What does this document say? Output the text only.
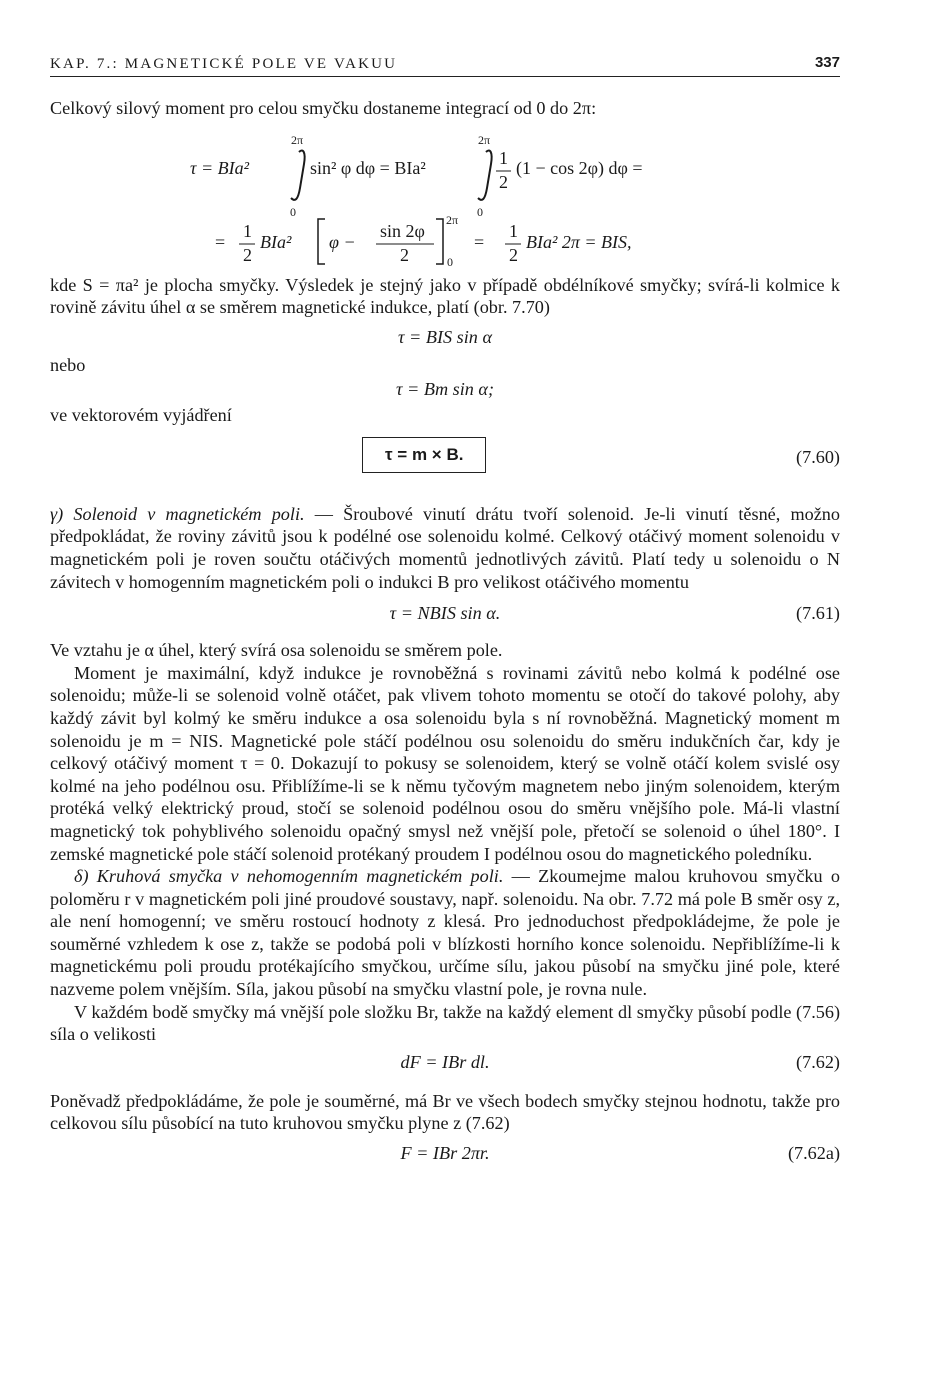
KAP. 7.: MAGNETICKÉ POLE VE VAKUU	337

Celkový silový moment pro celou smyčku dostaneme integrací od 0 do 2π:

2π
τ = BIa²
0
sin² φ dφ = BIa²
2π
0
1
2
(1 − cos 2φ) dφ =
=
1
2
BIa² φ −
sin 2φ
2
2π
0
=
1
2
BIa² 2π = BIS,

kde S = πa² je plocha smyčky. Výsledek je stejný jako v případě obdélníkové smyčky; svírá-li kolmice k rovině závitu úhel α se směrem magnetické indukce, platí (obr. 7.70)

τ = BIS sin α
nebo
τ = Bm sin α;
ve vektorovém vyjádření
τ = m × B.	(7.60)

γ) Solenoid v magnetickém poli. — Šroubové vinutí drátu tvoří solenoid. Je-li vinutí těsné, možno předpokládat, že roviny závitů jsou k podélné ose solenoidu kolmé. Celkový otáčivý moment solenoidu v magnetickém poli je roven součtu otáčivých momentů jednotlivých závitů. Platí tedy u solenoidu o N závitech v homogenním magnetickém poli o indukci B pro velikost otáčivého momentu

τ = NBIS sin α.	(7.61)

Ve vztahu je α úhel, který svírá osa solenoidu se směrem pole.

Moment je maximální, když indukce je rovnoběžná s rovinami závitů nebo kolmá k podélné ose solenoidu; může-li se solenoid volně otáčet, pak vlivem tohoto momentu se otočí do takové polohy, aby každý závit byl kolmý ke směru indukce a osa solenoidu byla s ní rovnoběžná. Magnetický moment m solenoidu je m = NIS. Magnetické pole stáčí podélnou osu solenoidu do směru indukčních čar, kdy je celkový otáčivý moment τ = 0. Dokazují to pokusy se solenoidem, který se volně otáčí kolem svislé osy kolmé na jeho podélnou osu. Přiblížíme-li se k němu tyčovým magnetem nebo jiným solenoidem, kterým protéká velký elektrický proud, stočí se solenoid podélnou osou do směru vnějšího pole. Má-li vlastní magnetický tok pohyblivého solenoidu opačný smysl než vnější pole, přetočí se solenoid o úhel 180°. I zemské magnetické pole stáčí solenoid protékaný proudem I podélnou osou do magnetického poledníku.

δ) Kruhová smyčka v nehomogenním magnetickém poli. — Zkoumejme malou kruhovou smyčku o poloměru r v magnetickém poli jiné proudové soustavy, např. solenoidu. Na obr. 7.72 má pole B směr osy z, ale není homogenní; ve směru rostoucí hodnoty z klesá. Pro jednoduchost předpokládejme, že pole je souměrné vzhledem k ose z, takže se podobá poli v blízkosti horního konce solenoidu. Nepřiblížíme-li k magnetickému poli proudu protékajícího smyčkou, určíme sílu, jakou působí na smyčku jiné pole, které nazveme polem vnějším. Síla, jakou působí na smyčku vlastní pole, je rovna nule.

V každém bodě smyčky má vnější pole složku Br, takže na každý element dl smyčky působí podle (7.56) síla o velikosti

dF = IBr dl.	(7.62)

Poněvadž předpokládáme, že pole je souměrné, má Br ve všech bodech smyčky stejnou hodnotu, takže pro celkovou sílu působící na tuto kruhovou smyčku plyne z (7.62)

F = IBr 2πr.	(7.62a)
